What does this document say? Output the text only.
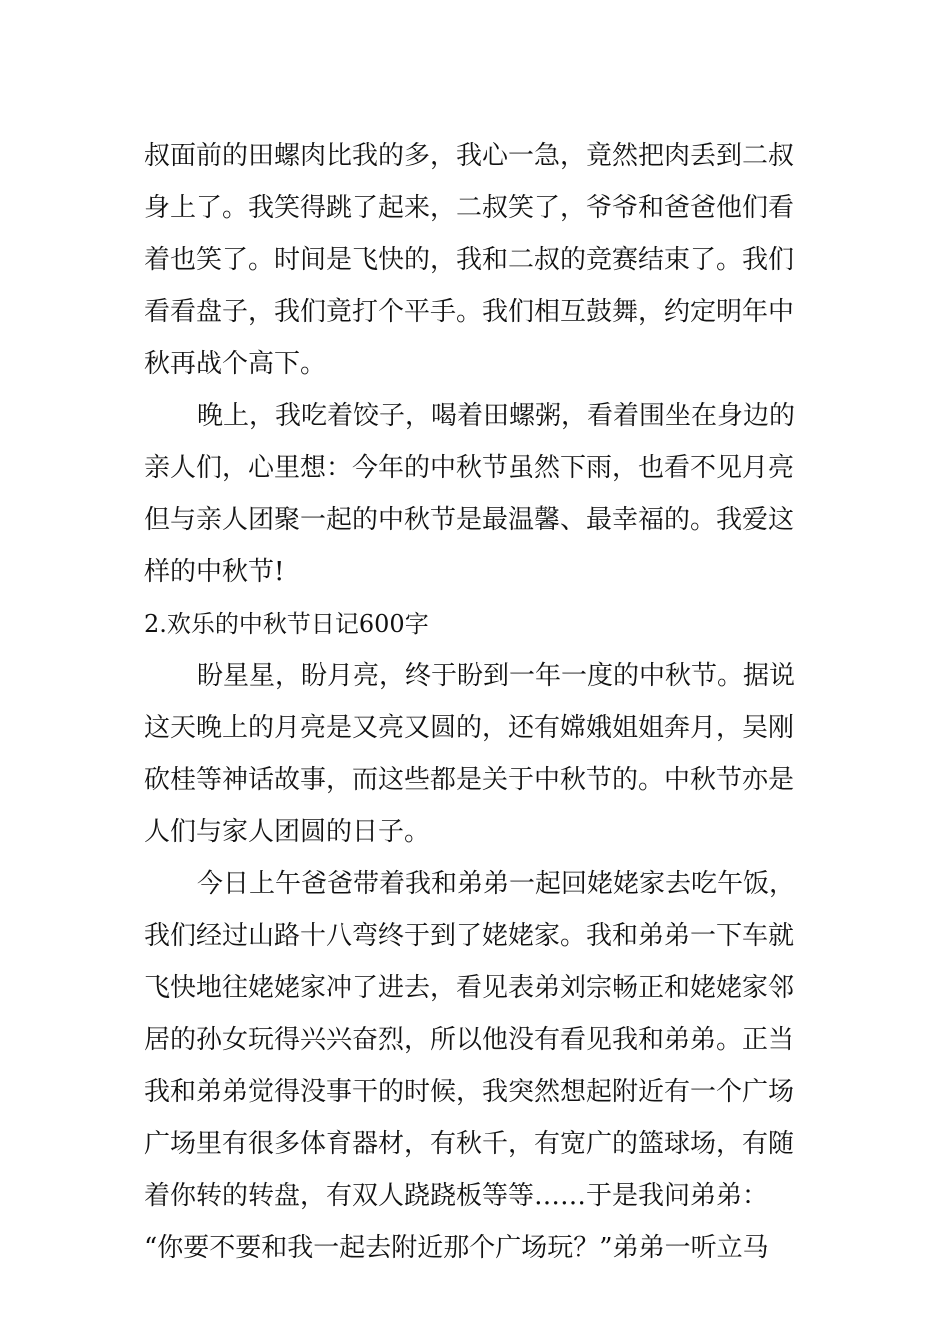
叔面前的田螺肉比我的多，我心一急，竟然把肉丢到二叔
身上了。我笑得跳了起来，二叔笑了，爷爷和爸爸他们看
着也笑了。时间是飞快的，我和二叔的竞赛结束了。我们
看看盘子，我们竟打个平手。我们相互鼓舞，约定明年中
秋再战个高下。
晚上，我吃着饺子，喝着田螺粥，看着围坐在身边的
亲人们，心里想：今年的中秋节虽然下雨，也看不见月亮
但与亲人团聚一起的中秋节是最温馨、最幸福的。我爱这
样的中秋节!
2.欢乐的中秋节日记600字
盼星星，盼月亮，终于盼到一年一度的中秋节。据说
这天晚上的月亮是又亮又圆的，还有嫦娥姐姐奔月，吴刚
砍桂等神话故事，而这些都是关于中秋节的。中秋节亦是
人们与家人团圆的日子。
今日上午爸爸带着我和弟弟一起回姥姥家去吃午饭，
我们经过山路十八弯终于到了姥姥家。我和弟弟一下车就
飞快地往姥姥家冲了进去，看见表弟刘宗畅正和姥姥家邻
居的孙女玩得兴兴奋烈，所以他没有看见我和弟弟。正当
我和弟弟觉得没事干的时候，我突然想起附近有一个广场
广场里有很多体育器材，有秋千，有宽广的篮球场，有随
着你转的转盘，有双人跷跷板等等……于是我问弟弟：
“你要不要和我一起去附近那个广场玩？”弟弟一听立马
